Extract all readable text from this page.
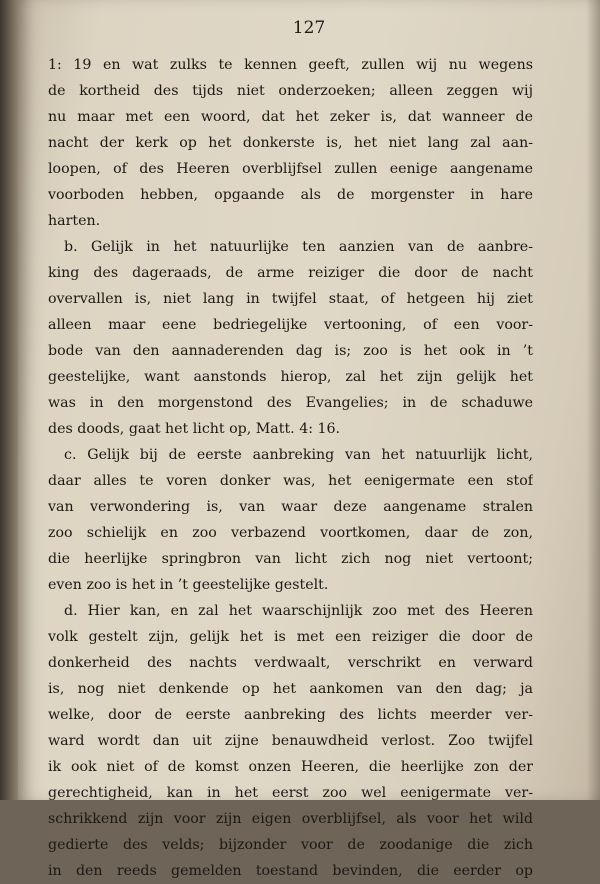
127
1: 19 en wat zulks te kennen geeft, zullen wij nu wegens
de kortheid des tijds niet onderzoeken; alleen zeggen wij
nu maar met een woord, dat het zeker is, dat wanneer de
nacht der kerk op het donkerste is, het niet lang zal aan-
loopen, of des Heeren overblijfsel zullen eenige aangename
voorboden hebben, opgaande als de morgenster in hare
harten.
b. Gelijk in het natuurlijke ten aanzien van de aanbre-
king des dageraads, de arme reiziger die door de nacht
overvallen is, niet lang in twijfel staat, of hetgeen hij ziet
alleen maar eene bedriegelijke vertooning, of een voor-
bode van den aannaderenden dag is; zoo is het ook in ’t
geestelijke, want aanstonds hierop, zal het zijn gelijk het
was in den morgenstond des Evangelies; in de schaduwe
des doods, gaat het licht op, Matt. 4: 16.
c. Gelijk bij de eerste aanbreking van het natuurlijk licht,
daar alles te voren donker was, het eenigermate een stof
van verwondering is, van waar deze aangename stralen
zoo schielijk en zoo verbazend voortkomen, daar de zon,
die heerlijke springbron van licht zich nog niet vertoont;
even zoo is het in ’t geestelijke gestelt.
d. Hier kan, en zal het waarschijnlijk zoo met des Heeren
volk gestelt zijn, gelijk het is met een reiziger die door de
donkerheid des nachts verdwaalt, verschrikt en verward
is, nog niet denkende op het aankomen van den dag; ja
welke, door de eerste aanbreking des lichts meerder ver-
ward wordt dan uit zijne benauwdheid verlost. Zoo twijfel
ik ook niet of de komst onzen Heeren, die heerlijke zon der
gerechtigheid, kan in het eerst zoo wel eenigermate ver-
schrikkend zijn voor zijn eigen overblijfsel, als voor het wild
gedierte des velds; bijzonder voor de zoodanige die zich
in den reeds gemelden toestand bevinden, die eerder op
